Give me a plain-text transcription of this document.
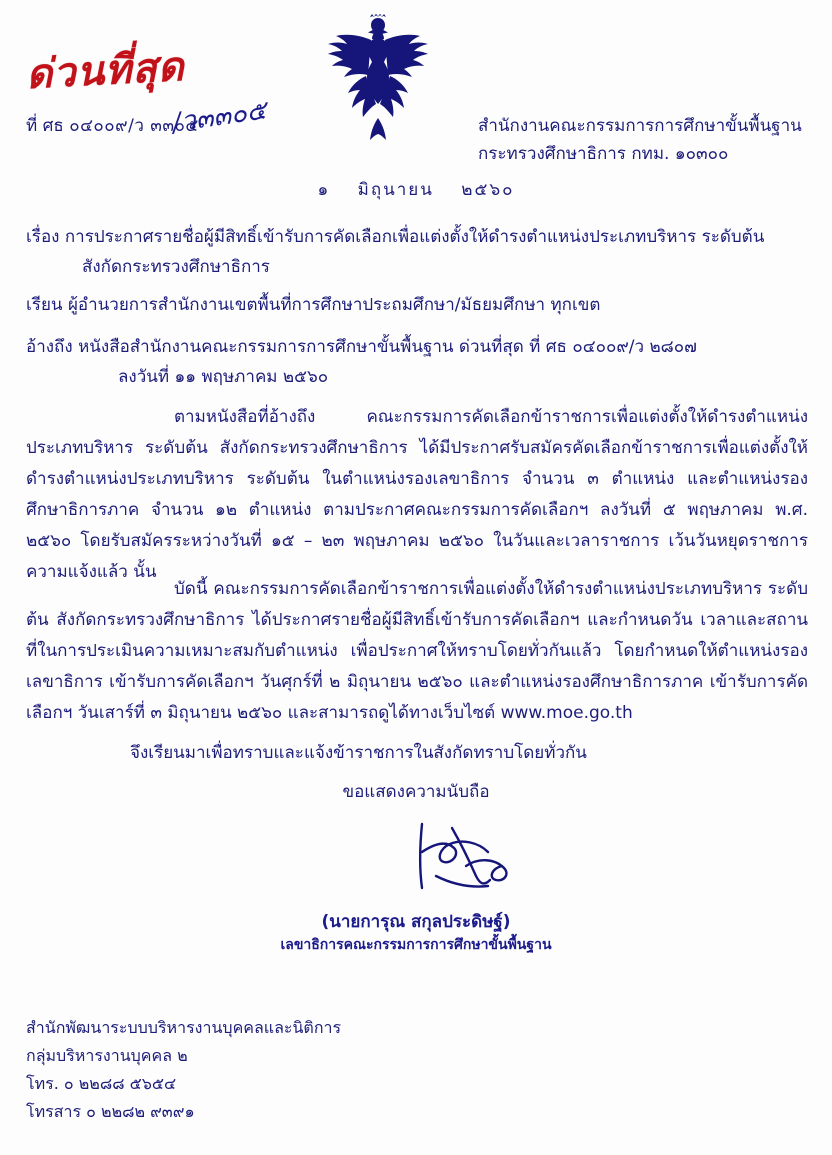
ด่วนที่สุด
ที่ ศธ ๐๔๐๐๙/ว ๓๓๐๕
/ว๓๓๐๕	สำนักงานคณะกรรมการการศึกษาขั้นพื้นฐาน
กระทรวงศึกษาธิการ กทม. ๑๐๓๐๐
๑ มิถุนายน ๒๕๖๐
เรื่อง การประกาศรายชื่อผู้มีสิทธิ์เข้ารับการคัดเลือกเพื่อแต่งตั้งให้ดำรงตำแหน่งประเภทบริหาร ระดับต้น
สังกัดกระทรวงศึกษาธิการ
เรียน ผู้อำนวยการสำนักงานเขตพื้นที่การศึกษาประถมศึกษา/มัธยมศึกษา ทุกเขต
อ้างถึง หนังสือสำนักงานคณะกรรมการการศึกษาขั้นพื้นฐาน ด่วนที่สุด ที่ ศธ ๐๔๐๐๙/ว ๒๘๐๗
ลงวันที่ ๑๑ พฤษภาคม ๒๕๖๐
ตามหนังสือที่อ้างถึง คณะกรรมการคัดเลือกข้าราชการเพื่อแต่งตั้งให้ดำรงตำแหน่งประเภทบริหาร ระดับต้น สังกัดกระทรวงศึกษาธิการ ได้มีประกาศรับสมัครคัดเลือกข้าราชการเพื่อแต่งตั้งให้ดำรงตำแหน่งประเภทบริหาร ระดับต้น ในตำแหน่งรองเลขาธิการ จำนวน ๓ ตำแหน่ง และตำแหน่งรองศึกษาธิการภาค จำนวน ๑๒ ตำแหน่ง ตามประกาศคณะกรรมการคัดเลือกฯ ลงวันที่ ๕ พฤษภาคม พ.ศ. ๒๕๖๐ โดยรับสมัครระหว่างวันที่ ๑๕ – ๒๓ พฤษภาคม ๒๕๖๐ ในวันและเวลาราชการ เว้นวันหยุดราชการ ความแจ้งแล้ว นั้น
บัดนี้ คณะกรรมการคัดเลือกข้าราชการเพื่อแต่งตั้งให้ดำรงตำแหน่งประเภทบริหาร ระดับต้น สังกัดกระทรวงศึกษาธิการ ได้ประกาศรายชื่อผู้มีสิทธิ์เข้ารับการคัดเลือกฯ และกำหนดวัน เวลาและสถานที่ในการประเมินความเหมาะสมกับตำแหน่ง เพื่อประกาศให้ทราบโดยทั่วกันแล้ว โดยกำหนดให้ตำแหน่งรองเลขาธิการ เข้ารับการคัดเลือกฯ วันศุกร์ที่ ๒ มิถุนายน ๒๕๖๐ และตำแหน่งรองศึกษาธิการภาค เข้ารับการคัดเลือกฯ วันเสาร์ที่ ๓ มิถุนายน ๒๕๖๐ และสามารถดูได้ทางเว็บไซต์ www.moe.go.th
จึงเรียนมาเพื่อทราบและแจ้งข้าราชการในสังกัดทราบโดยทั่วกัน
ขอแสดงความนับถือ
(นายการุณ สกุลประดิษฐ์)
เลขาธิการคณะกรรมการการศึกษาขั้นพื้นฐาน
สำนักพัฒนาระบบบริหารงานบุคคลและนิติการ
กลุ่มบริหารงานบุคคล ๒
โทร. ๐ ๒๒๘๘ ๕๖๕๔
โทรสาร ๐ ๒๒๘๒ ๙๓๙๑
